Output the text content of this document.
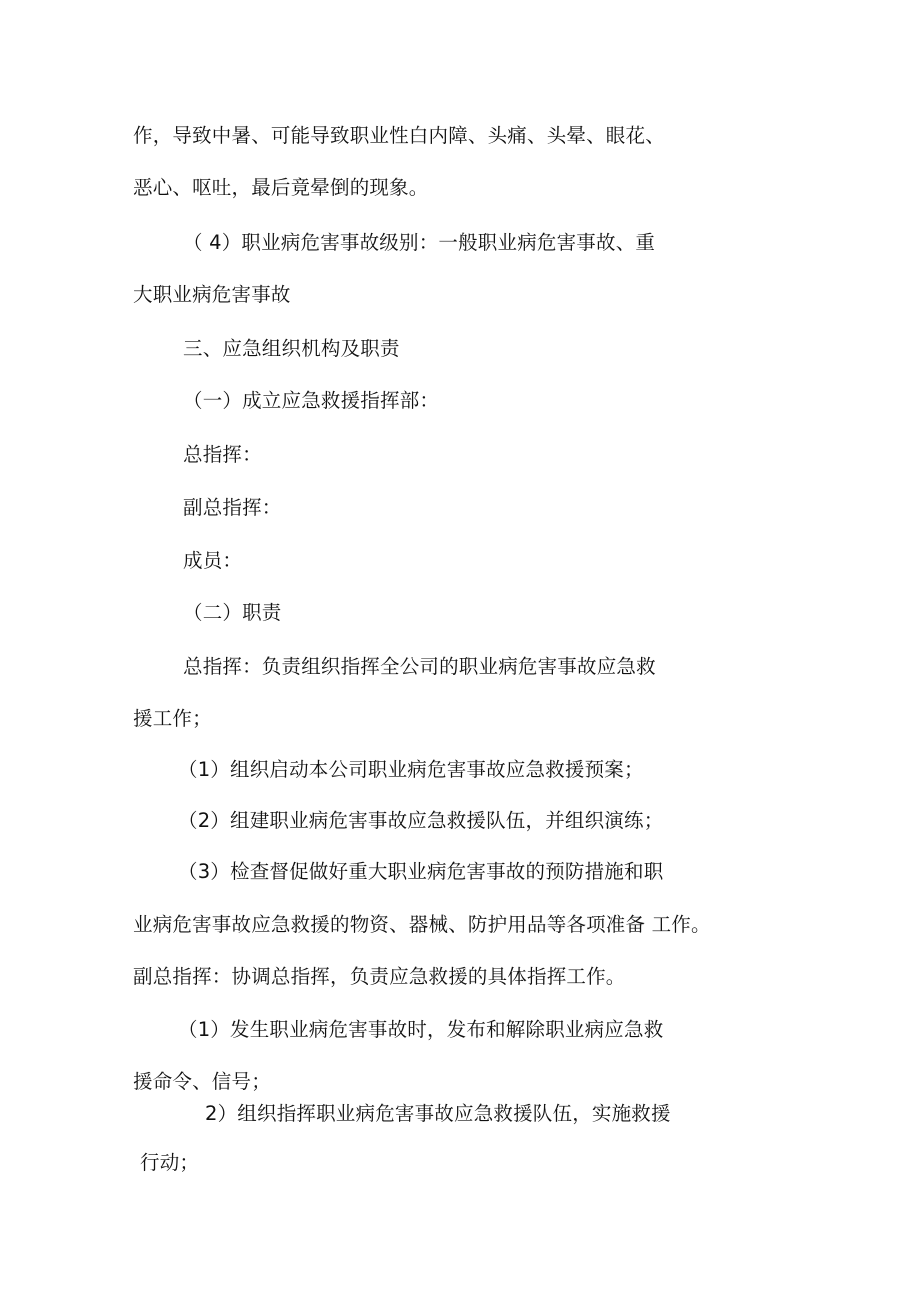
作，导致中暑、可能导致职业性白内障、头痛、头晕、眼花、
恶心、呕吐，最后竟晕倒的现象。
（ 4）职业病危害事故级别：一般职业病危害事故、重
大职业病危害事故
三、应急组织机构及职责
（一）成立应急救援指挥部：
总指挥：
副总指挥：
成员：
（二）职责
总指挥：负责组织指挥全公司的职业病危害事故应急救
援工作；
（1）组织启动本公司职业病危害事故应急救援预案；
（2）组建职业病危害事故应急救援队伍，并组织演练；
（3）检查督促做好重大职业病危害事故的预防措施和职
业病危害事故应急救援的物资、器械、防护用品等各项准备 工作。
副总指挥：协调总指挥，负责应急救援的具体指挥工作。
（1）发生职业病危害事故时，发布和解除职业病应急救
援命令、信号；
2）组织指挥职业病危害事故应急救援队伍，实施救援
行动；
